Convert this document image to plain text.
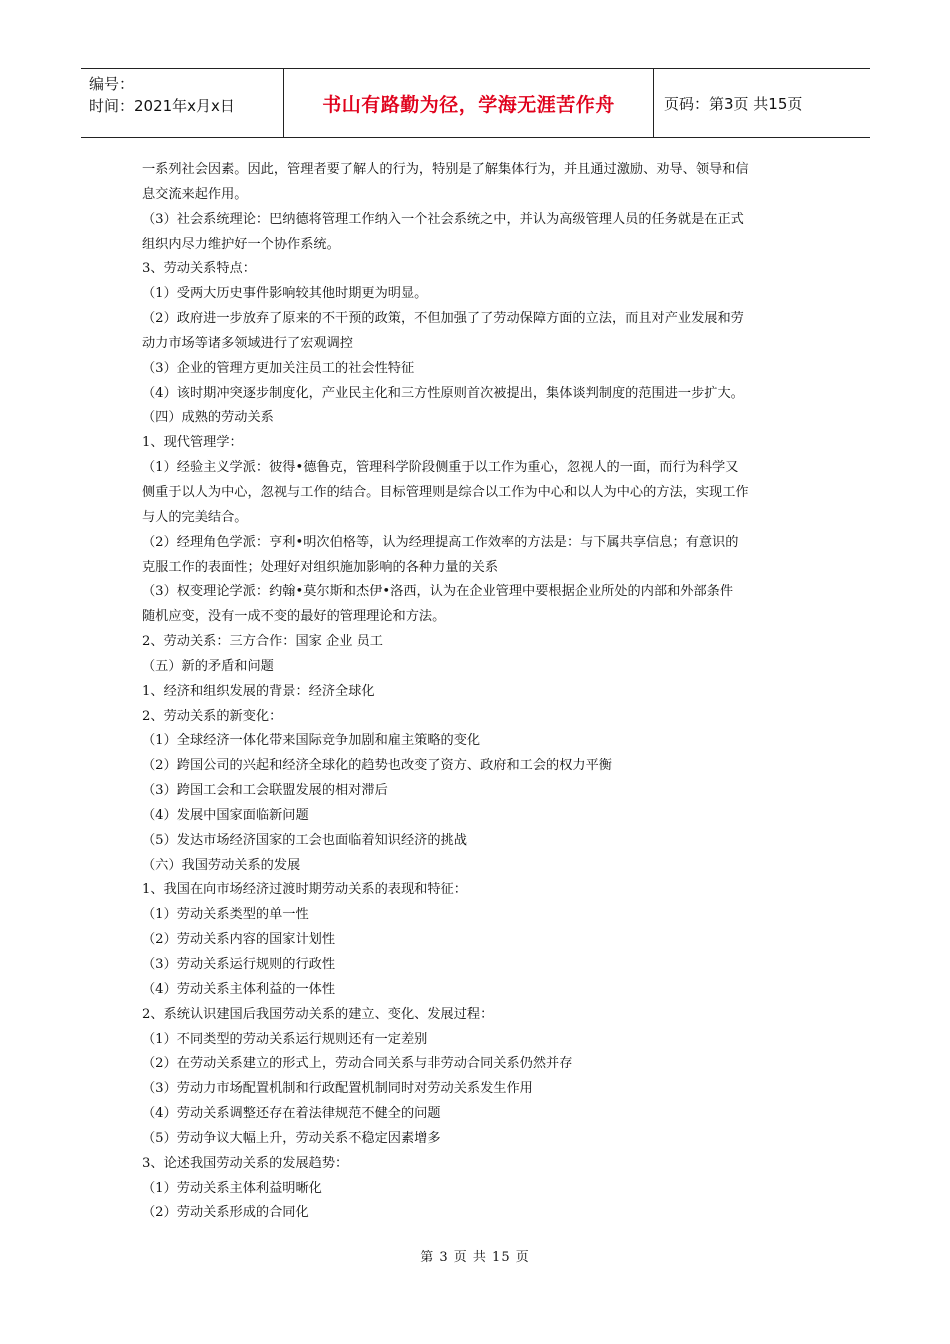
编号：
时间：2021年x月x日	书山有路勤为径，学海无涯苦作舟	页码：第3页 共15页
一系列社会因素。因此，管理者要了解人的行为，特别是了解集体行为，并且通过激励、劝导、领导和信
息交流来起作用。
（3）社会系统理论：巴纳德将管理工作纳入一个社会系统之中，并认为高级管理人员的任务就是在正式
组织内尽力维护好一个协作系统。
3、劳动关系特点：
（1）受两大历史事件影响较其他时期更为明显。
（2）政府进一步放弃了原来的不干预的政策，不但加强了了劳动保障方面的立法，而且对产业发展和劳
动力市场等诸多领域进行了宏观调控
（3）企业的管理方更加关注员工的社会性特征
（4）该时期冲突逐步制度化，产业民主化和三方性原则首次被提出，集体谈判制度的范围进一步扩大。
（四）成熟的劳动关系
1、现代管理学：
（1）经验主义学派：彼得•德鲁克，管理科学阶段侧重于以工作为重心，忽视人的一面，而行为科学又
侧重于以人为中心，忽视与工作的结合。目标管理则是综合以工作为中心和以人为中心的方法，实现工作
与人的完美结合。
（2）经理角色学派：亨利•明次伯格等，认为经理提高工作效率的方法是：与下属共享信息；有意识的
克服工作的表面性；处理好对组织施加影响的各种力量的关系
（3）权变理论学派：约翰•莫尔斯和杰伊•洛西，认为在企业管理中要根据企业所处的内部和外部条件
随机应变，没有一成不变的最好的管理理论和方法。
2、劳动关系：三方合作：国家 企业 员工
（五）新的矛盾和问题
1、经济和组织发展的背景：经济全球化
2、劳动关系的新变化：
（1）全球经济一体化带来国际竞争加剧和雇主策略的变化
（2）跨国公司的兴起和经济全球化的趋势也改变了资方、政府和工会的权力平衡
（3）跨国工会和工会联盟发展的相对滞后
（4）发展中国家面临新问题
（5）发达市场经济国家的工会也面临着知识经济的挑战
（六）我国劳动关系的发展
1、我国在向市场经济过渡时期劳动关系的表现和特征：
（1）劳动关系类型的单一性
（2）劳动关系内容的国家计划性
（3）劳动关系运行规则的行政性
（4）劳动关系主体利益的一体性
2、系统认识建国后我国劳动关系的建立、变化、发展过程：
（1）不同类型的劳动关系运行规则还有一定差别
（2）在劳动关系建立的形式上，劳动合同关系与非劳动合同关系仍然并存
（3）劳动力市场配置机制和行政配置机制同时对劳动关系发生作用
（4）劳动关系调整还存在着法律规范不健全的问题
（5）劳动争议大幅上升，劳动关系不稳定因素增多
3、论述我国劳动关系的发展趋势：
（1）劳动关系主体利益明晰化
（2）劳动关系形成的合同化
第 3 页 共 15 页
